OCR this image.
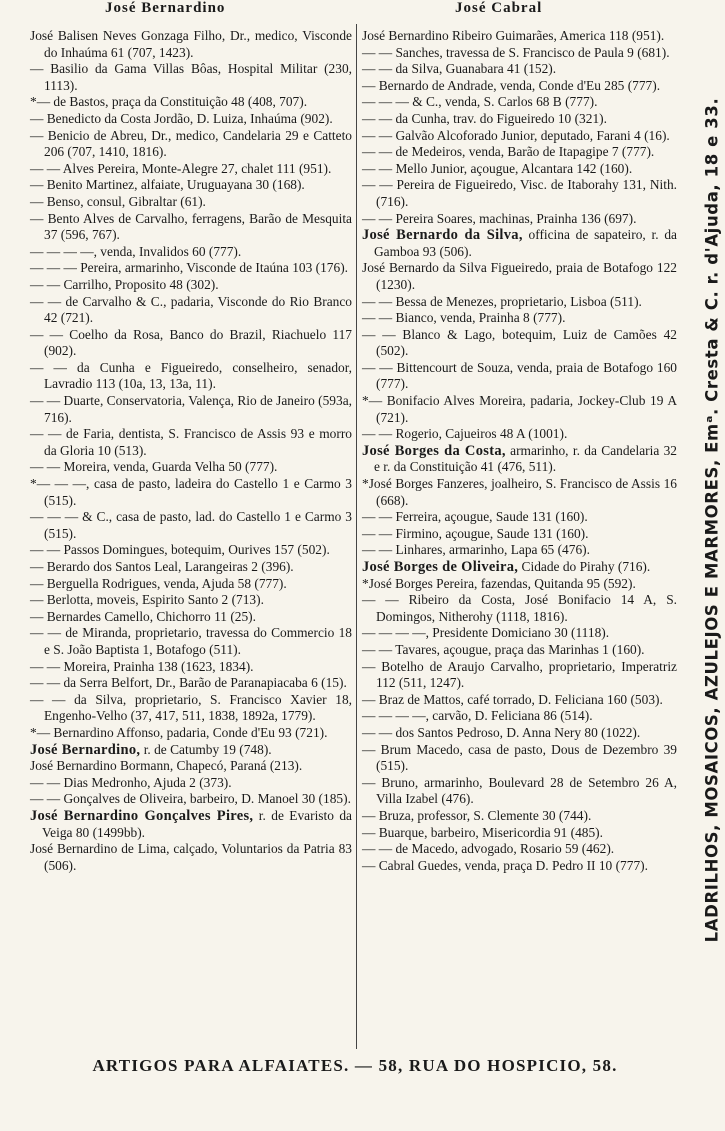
José Bernardino	José Cabral

José Balisen Neves Gonzaga Filho, Dr., medico, Visconde do Inhaúma 61 (707, 1423).

— Basilio da Gama Villas Bôas, Hospital Militar (230, 1113).

*— de Bastos, praça da Constituição 48 (408, 707).

— Benedicto da Costa Jordão, D. Luiza, Inhaúma (902).

— Benicio de Abreu, Dr., medico, Candelaria 29 e Catteto 206 (707, 1410, 1816).

— — Alves Pereira, Monte-Alegre 27, chalet 111 (951).

— Benito Martinez, alfaiate, Uruguayana 30 (168).

— Benso, consul, Gibraltar (61).

— Bento Alves de Carvalho, ferragens, Barão de Mesquita 37 (596, 767).

— — — —, venda, Invalidos 60 (777).

— — — Pereira, armarinho, Visconde de Itaúna 103 (176).

— — Carrilho, Proposito 48 (302).

— — de Carvalho & C., padaria, Visconde do Rio Branco 42 (721).

— — Coelho da Rosa, Banco do Brazil, Riachuelo 117 (902).

— — da Cunha e Figueiredo, conselheiro, senador, Lavradio 113 (10a, 13, 13a, 11).

— — Duarte, Conservatoria, Valença, Rio de Janeiro (593a, 716).

— — de Faria, dentista, S. Francisco de Assis 93 e morro da Gloria 10 (513).

— — Moreira, venda, Guarda Velha 50 (777).

*— — —, casa de pasto, ladeira do Castello 1 e Carmo 3 (515).

— — — & C., casa de pasto, lad. do Castello 1 e Carmo 3 (515).

— — Passos Domingues, botequim, Ourives 157 (502).

— Berardo dos Santos Leal, Larangeiras 2 (396).

— Berguella Rodrigues, venda, Ajuda 58 (777).

— Berlotta, moveis, Espirito Santo 2 (713).

— Bernardes Camello, Chichorro 11 (25).

— — de Miranda, proprietario, travessa do Commercio 18 e S. João Baptista 1, Botafogo (511).

— — Moreira, Prainha 138 (1623, 1834).

— — da Serra Belfort, Dr., Barão de Paranapiacaba 6 (15).

— — da Silva, proprietario, S. Francisco Xavier 18, Engenho-Velho (37, 417, 511, 1838, 1892a, 1779).

*— Bernardino Affonso, padaria, Conde d'Eu 93 (721).

José Bernardino, r. de Catumby 19 (748).

José Bernardino Bormann, Chapecó, Paraná (213).

— — Dias Medronho, Ajuda 2 (373).

— — Gonçalves de Oliveira, barbeiro, D. Manoel 30 (185).

José Bernardino Gonçalves Pires, r. de Evaristo da Veiga 80 (1499bb).

José Bernardino de Lima, calçado, Voluntarios da Patria 83 (506).

José Bernardino Ribeiro Guimarães, America 118 (951).

— — Sanches, travessa de S. Francisco de Paula 9 (681).

— — da Silva, Guanabara 41 (152).

— Bernardo de Andrade, venda, Conde d'Eu 285 (777).

— — — & C., venda, S. Carlos 68 B (777).

— — da Cunha, trav. do Figueiredo 10 (321).

— — Galvão Alcoforado Junior, deputado, Farani 4 (16).

— — de Medeiros, venda, Barão de Itapagipe 7 (777).

— — Mello Junior, açougue, Alcantara 142 (160).

— — Pereira de Figueiredo, Visc. de Itaborahy 131, Nith. (716).

— — Pereira Soares, machinas, Prainha 136 (697).

José Bernardo da Silva, officina de sapateiro, r. da Gamboa 93 (506).

José Bernardo da Silva Figueiredo, praia de Botafogo 122 (1230).

— — Bessa de Menezes, proprietario, Lisboa (511).

— — Bianco, venda, Prainha 8 (777).

— — Blanco & Lago, botequim, Luiz de Camões 42 (502).

— — Bittencourt de Souza, venda, praia de Botafogo 160 (777).

*— Bonifacio Alves Moreira, padaria, Jockey-Club 19 A (721).

— — Rogerio, Cajueiros 48 A (1001).

José Borges da Costa, armarinho, r. da Candelaria 32 e r. da Constituição 41 (476, 511).

*José Borges Fanzeres, joalheiro, S. Francisco de Assis 16 (668).

— — Ferreira, açougue, Saude 131 (160).

— — Firmino, açougue, Saude 131 (160).

— — Linhares, armarinho, Lapa 65 (476).

José Borges de Oliveira, Cidade do Pirahy (716).

*José Borges Pereira, fazendas, Quitanda 95 (592).

— — Ribeiro da Costa, José Bonifacio 14 A, S. Domingos, Nitherohy (1118, 1816).

— — — —, Presidente Domiciano 30 (1118).

— — Tavares, açougue, praça das Marinhas 1 (160).

— Botelho de Araujo Carvalho, proprietario, Imperatriz 112 (511, 1247).

— Braz de Mattos, café torrado, D. Feliciana 160 (503).

— — — —, carvão, D. Feliciana 86 (514).

— — dos Santos Pedroso, D. Anna Nery 80 (1022).

— Brum Macedo, casa de pasto, Dous de Dezembro 39 (515).

— Bruno, armarinho, Boulevard 28 de Setembro 26 A, Villa Izabel (476).

— Bruza, professor, S. Clemente 30 (744).

— Buarque, barbeiro, Misericordia 91 (485).

— — de Macedo, advogado, Rosario 59 (462).

— Cabral Guedes, venda, praça D. Pedro II 10 (777).	LADRILHOS, MOSAICOS, AZULEJOS E MARMORES, Emᵃ. Cresta & C. r. d'Ajuda, 18 e 33.
ARTIGOS PARA ALFAIATES. — 58, RUA DO HOSPICIO, 58.
